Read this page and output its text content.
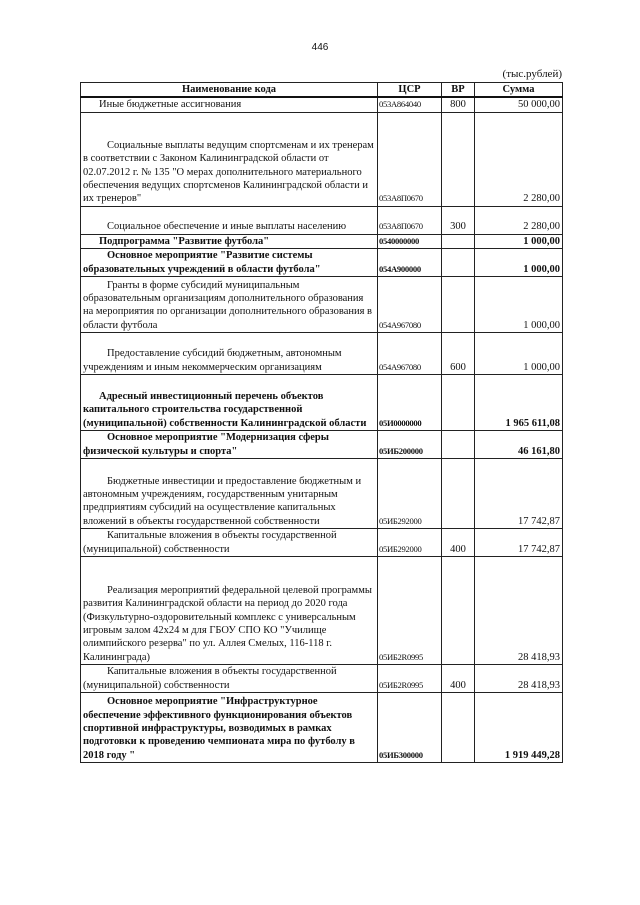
446
(тыс.рублей)
Наименование кода	ЦСР	ВР	Сумма
Иные бюджетные ассигнования	053А864040	800	50 000,00
Социальные выплаты ведущим спортсменам и их тренерам в соответствии с Законом Калининградской области от 02.07.2012 г. № 135 "О мерах дополнительного материального обеспечения ведущих спортсменов Калининградской области и их тренеров"	053А8П0670		2 280,00
Социальное обеспечение и иные выплаты населению	053А8П0670	300	2 280,00
Подпрограмма "Развитие футбола"	0540000000		1 000,00
Основное мероприятие "Развитие системы образовательных учреждений в области футбола"	054А900000		1 000,00
Гранты в форме субсидий муниципальным образовательным организациям дополнительного образования на мероприятия по организации дополнительного образования в области футбола	054А967080		1 000,00
Предоставление субсидий бюджетным, автономным учреждениям и иным некоммерческим организациям	054А967080	600	1 000,00
Адресный инвестиционный перечень объектов капитального строительства государственной (муниципальной) собственности Калининградской области	05И0000000		1 965 611,08
Основное мероприятие "Модернизация сферы физической культуры и спорта"	05ИБ200000		46 161,80
Бюджетные инвестиции и предоставление бюджетным и автономным учреждениям, государственным унитарным предприятиям субсидий на осуществление капитальных вложений в объекты государственной собственности	05ИБ292000		17 742,87
Капитальные вложения в объекты государственной (муниципальной) собственности	05ИБ292000	400	17 742,87
Реализация мероприятий федеральной целевой программы развития Калининградской области на период до 2020 года (Физкультурно-оздоровительный комплекс с универсальным игровым залом 42х24 м для ГБОУ СПО КО "Училище олимпийского резерва" по ул. Аллея Смелых, 116-118 г. Калининграда)	05ИБ2R0995		28 418,93
Капитальные вложения в объекты государственной (муниципальной) собственности	05ИБ2R0995	400	28 418,93
Основное мероприятие "Инфраструктурное обеспечение эффективного функционирования объектов спортивной инфраструктуры, возводимых в рамках подготовки к проведению чемпионата мира по футболу в 2018 году "	05ИБ300000		1 919 449,28
